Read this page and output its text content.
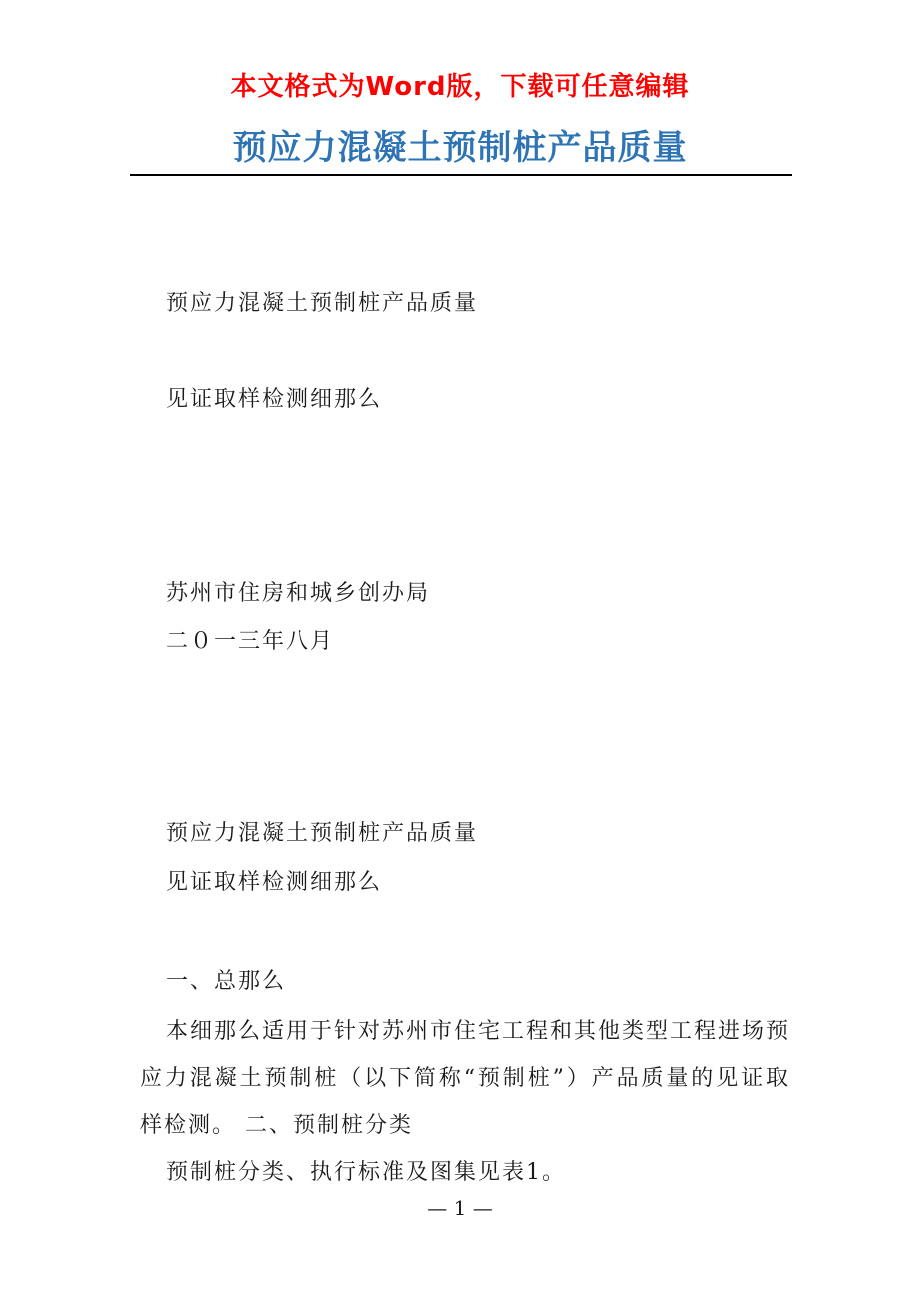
本文格式为Word版，下载可任意编辑
预应力混凝土预制桩产品质量
预应力混凝土预制桩产品质量
见证取样检测细那么
苏州市住房和城乡创办局
二０一三年八月
预应力混凝土预制桩产品质量
见证取样检测细那么
一、总那么
本细那么适用于针对苏州市住宅工程和其他类型工程进场预应力混凝土预制桩（以下简称“预制桩”）产品质量的见证取样检测。 二、预制桩分类
预制桩分类、执行标准及图集见表1。
— 1 —
